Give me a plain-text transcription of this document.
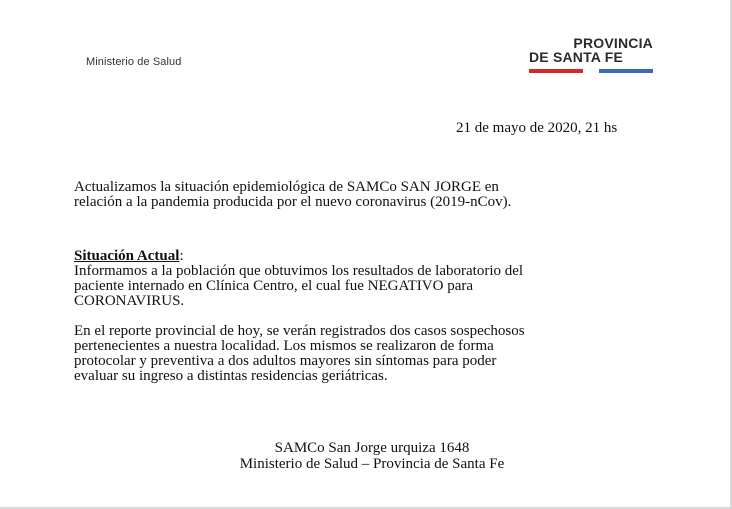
Ministerio de Salud
PROVINCIA
DE SANTA FE
21 de mayo de 2020, 21 hs
Actualizamos la situación epidemiológica de SAMCo SAN JORGE en
relación a la pandemia producida por el nuevo coronavirus (2019-nCov).
Situación Actual:
Informamos a la población que obtuvimos los resultados de laboratorio del
paciente internado en Clínica Centro, el cual fue NEGATIVO para
CORONAVIRUS.
En el reporte provincial de hoy, se verán registrados dos casos sospechosos
pertenecientes a nuestra localidad. Los mismos se realizaron de forma
protocolar y preventiva a dos adultos mayores sin síntomas para poder
evaluar su ingreso a distintas residencias geriátricas.
SAMCo San Jorge urquiza 1648
Ministerio de Salud – Provincia de Santa Fe
